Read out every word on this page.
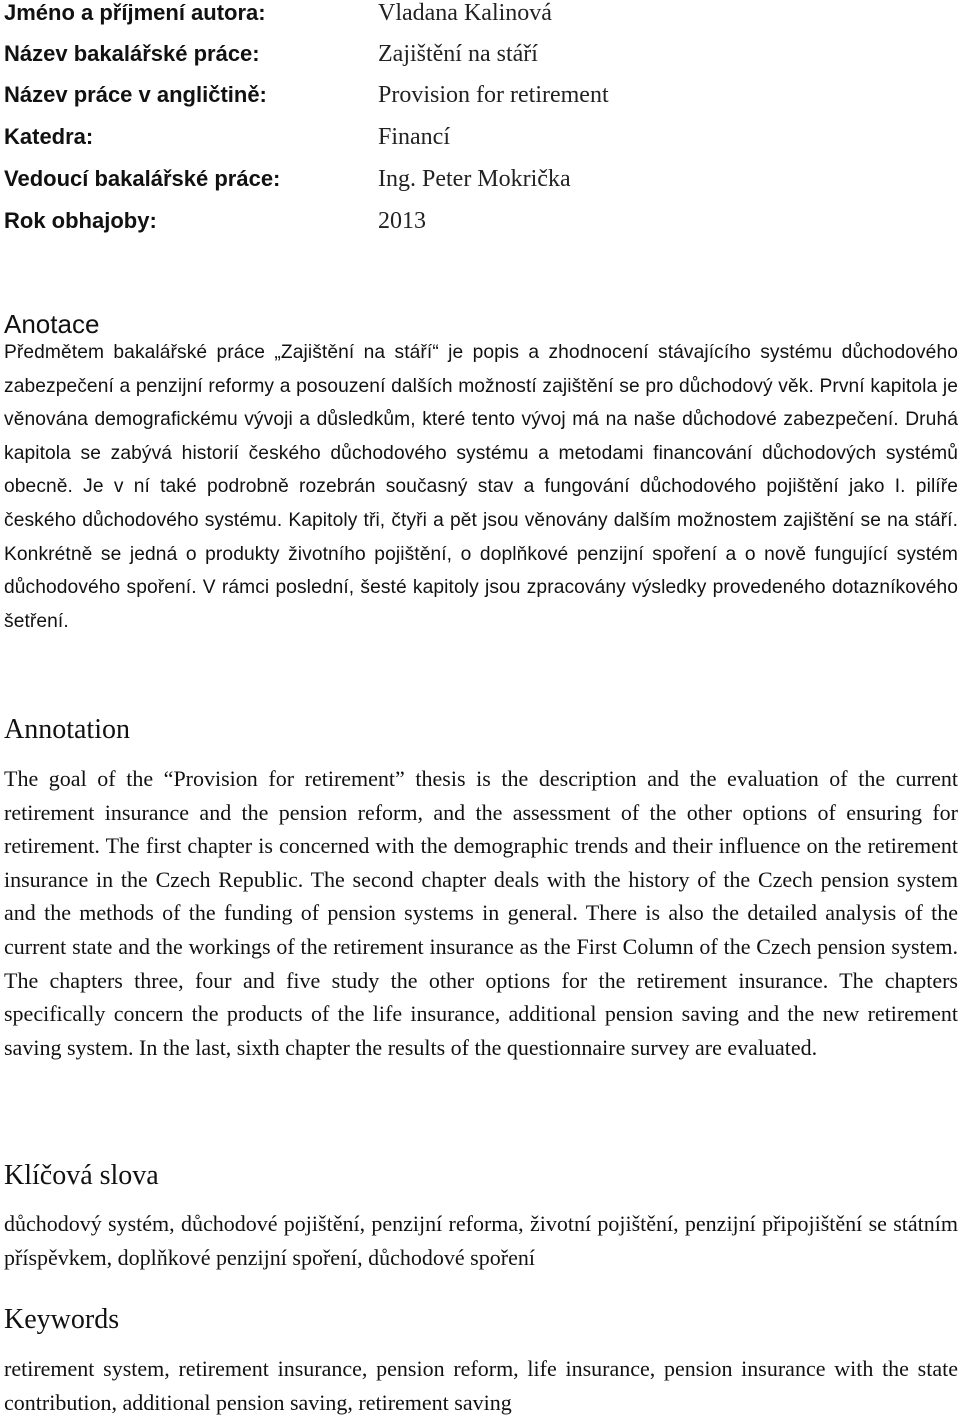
Jméno a příjmení autora:	Vladana Kalinová
Název bakalářské práce:	Zajištění na stáří
Název práce v angličtině:	Provision for retirement
Katedra:	Financí
Vedoucí bakalářské práce:	Ing. Peter Mokrička
Rok obhajoby:	2013
Anotace

Předmětem bakalářské práce „Zajištění na stáří“ je popis a zhodnocení stávajícího systému důchodového zabezpečení a penzijní reformy a posouzení dalších možností zajištění se pro důchodový věk. První kapitola je věnována demografickému vývoji a důsledkům, které tento vývoj má na naše důchodové zabezpečení. Druhá kapitola se zabývá historií českého důchodového systému a metodami financování důchodových systémů obecně. Je v ní také podrobně rozebrán současný stav a fungování důchodového pojištění jako I. pilíře českého důchodového systému. Kapitoly tři, čtyři a pět jsou věnovány dalším možnostem zajištění se na stáří. Konkrétně se jedná o produkty životního pojištění, o doplňkové penzijní spoření a o nově fungující systém důchodového spoření. V rámci poslední, šesté kapitoly jsou zpracovány výsledky provedeného dotazníkového šetření.

Annotation

The goal of the “Provision for retirement” thesis is the description and the evaluation of the current retirement insurance and the pension reform, and the assessment of the other options of ensuring for retirement. The first chapter is concerned with the demographic trends and their influence on the retirement insurance in the Czech Republic. The second chapter deals with the history of the Czech pension system and the methods of the funding of pension systems in general. There is also the detailed analysis of the current state and the workings of the retirement insurance as the First Column of the Czech pension system. The chapters three, four and five study the other options for the retirement insurance. The chapters specifically concern the products of the life insurance, additional pension saving and the new retirement saving system. In the last, sixth chapter the results of the questionnaire survey are evaluated.

Klíčová slova

důchodový systém, důchodové pojištění, penzijní reforma, životní pojištění, penzijní připojištění se státním příspěvkem, doplňkové penzijní spoření, důchodové spoření

Keywords

retirement system, retirement insurance, pension reform, life insurance, pension insurance with the state contribution, additional pension saving, retirement saving
